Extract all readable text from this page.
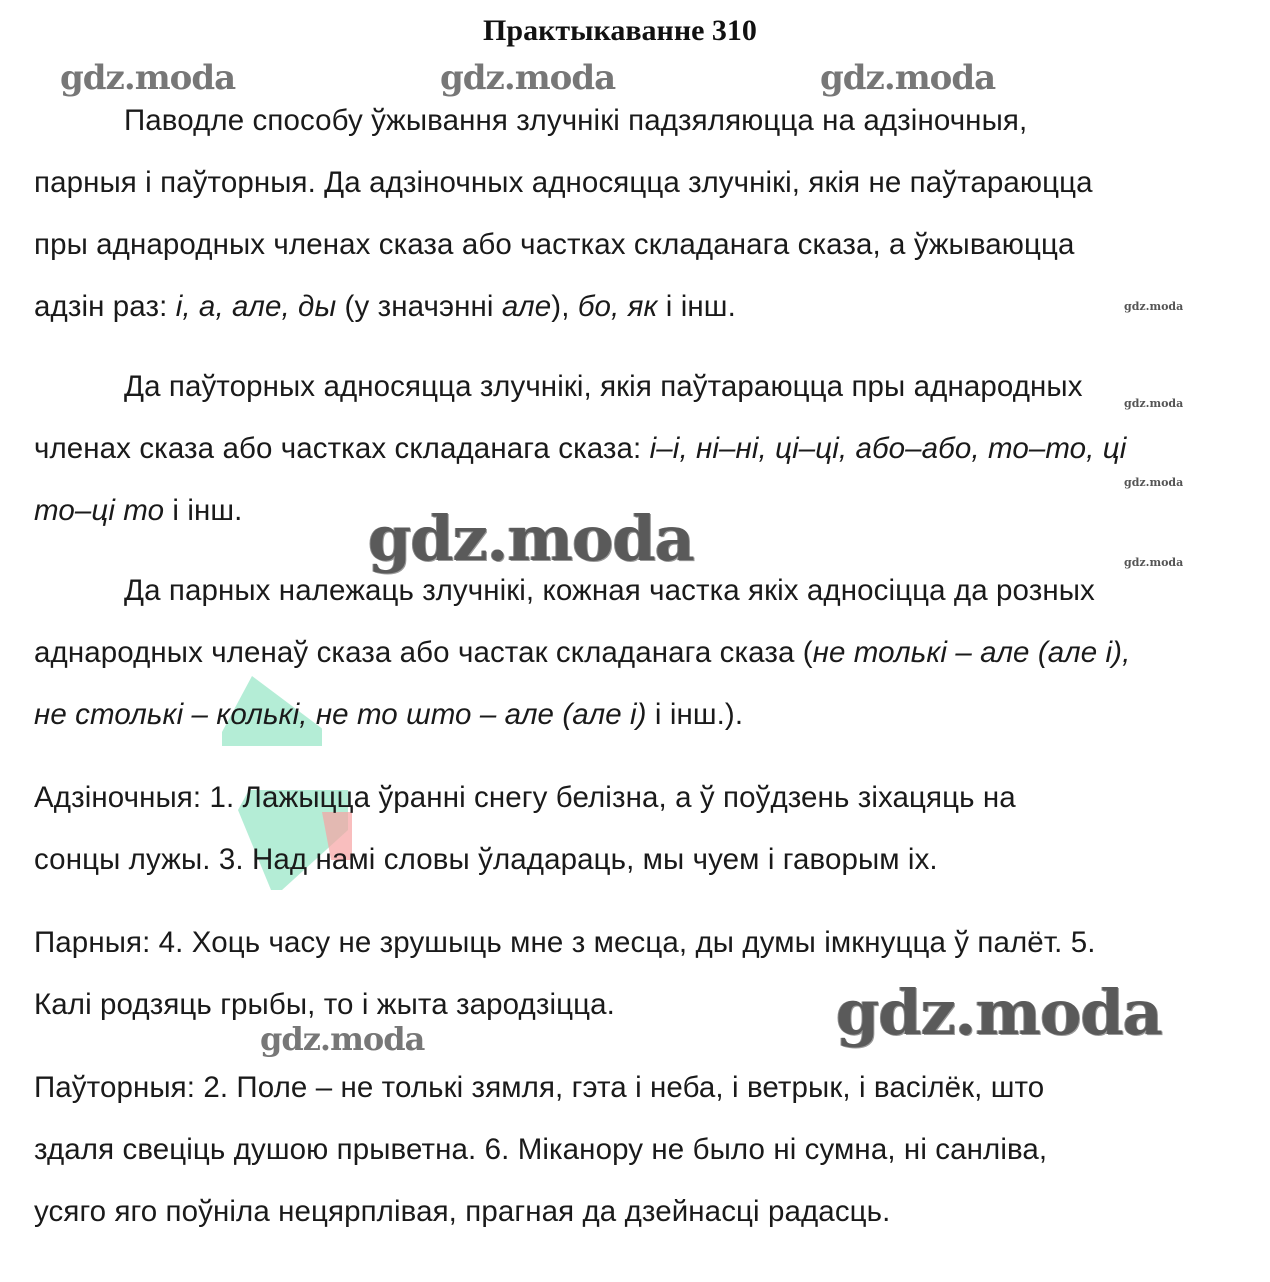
Практыкаванне 310
gdz.moda	gdz.moda	gdz.moda
gdz.moda
gdz.moda
gdz.moda
gdz.moda
Паводле способу ўжывання злучнікі падзяляюцца на адзіночныя,
парныя і паўторныя. Да адзіночных адносяцца злучнікі, якія не паўтараюцца
пры аднародных членах сказа або частках складанага сказа, а ўжываюцца
адзін раз: і, а, але, ды (у значэнні але), бо, як і інш.
Да паўторных адносяцца злучнікі, якія паўтараюцца пры аднародных
членах сказа або частках складанага сказа: і–і, ні–ні, ці–ці, або–або, то–то, ці
то–ці то і інш.	gdz.moda
Да парных належаць злучнікі, кожная частка якіх адносіцца да розных
аднародных членаў сказа або частак складанага сказа (не толькі – але (але і),
не столькі – колькі, не то што – але (але і) і інш.).
Адзіночныя: 1. Лажыцца ўранні снегу белізна, а ў поўдзень зіхацяць на
сонцы лужы. 3. Над намі словы ўладараць, мы чуем і гаворым іх.
Парныя: 4. Хоць часу не зрушыць мне з месца, ды думы імкнуцца ў палёт. 5.
Калі родзяць грыбы, то і жыта зародзіцца.
gdz.moda	gdz.moda
Паўторныя: 2. Поле – не толькі зямля, гэта і неба, і ветрык, і васілёк, што
здаля свеціць душою прыветна. 6. Міканору не было ні сумна, ні санліва,
усяго яго поўніла нецярплівая, прагная да дзейнасці радасць.
